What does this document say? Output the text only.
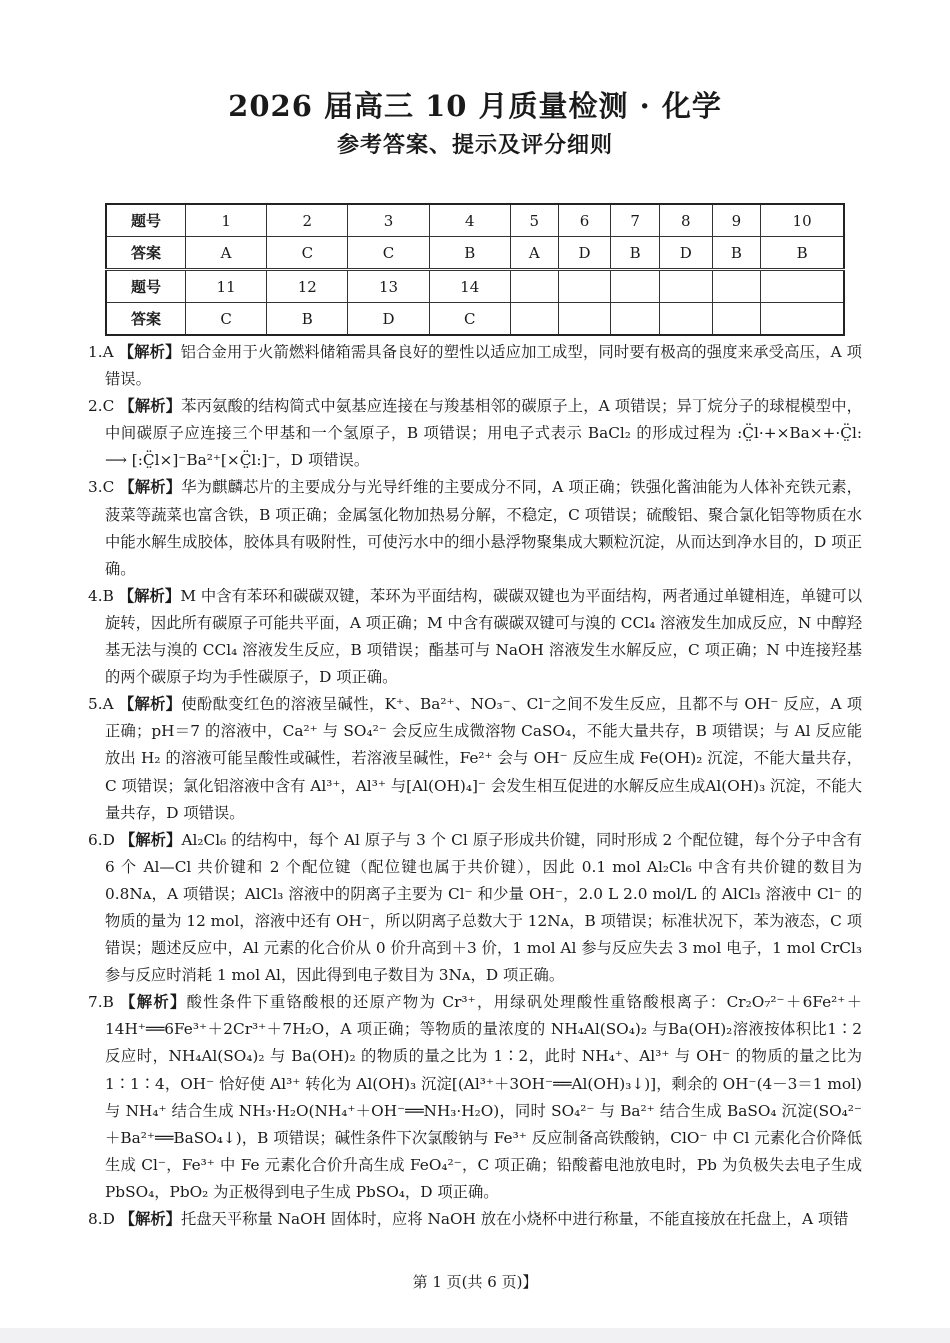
2026 届高三 10 月质量检测 · 化学
参考答案、提示及评分细则
题号	1	2	3	4	5	6	7	8	9	10
答案	A	C	C	B	A	D	B	D	B	B
题号	11	12	13	14						
答案	C	B	D	C						
1.A 【解析】铝合金用于火箭燃料储箱需具备良好的塑性以适应加工成型，同时要有极高的强度来承受高压，A 项错误。
2.C 【解析】苯丙氨酸的结构简式中氨基应连接在与羧基相邻的碳原子上，A 项错误；异丁烷分子的球棍模型中，中间碳原子应连接三个甲基和一个氢原子，B 项错误；用电子式表示 BaCl₂ 的形成过程为 :C̤̈l·+×Ba×+·C̤̈l: ⟶ [:C̤̈l×]⁻Ba²⁺[×C̤̈l:]⁻，D 项错误。
3.C 【解析】华为麒麟芯片的主要成分与光导纤维的主要成分不同，A 项正确；铁强化酱油能为人体补充铁元素，菠菜等蔬菜也富含铁，B 项正确；金属氢化物加热易分解，不稳定，C 项错误；硫酸铝、聚合氯化铝等物质在水中能水解生成胶体，胶体具有吸附性，可使污水中的细小悬浮物聚集成大颗粒沉淀，从而达到净水目的，D 项正确。
4.B 【解析】M 中含有苯环和碳碳双键，苯环为平面结构，碳碳双键也为平面结构，两者通过单键相连，单键可以旋转，因此所有碳原子可能共平面，A 项正确；M 中含有碳碳双键可与溴的 CCl₄ 溶液发生加成反应，N 中醇羟基无法与溴的 CCl₄ 溶液发生反应，B 项错误；酯基可与 NaOH 溶液发生水解反应，C 项正确；N 中连接羟基的两个碳原子均为手性碳原子，D 项正确。
5.A 【解析】使酚酞变红色的溶液呈碱性，K⁺、Ba²⁺、NO₃⁻、Cl⁻之间不发生反应，且都不与 OH⁻ 反应，A 项正确；pH＝7 的溶液中，Ca²⁺ 与 SO₄²⁻ 会反应生成微溶物 CaSO₄，不能大量共存，B 项错误；与 Al 反应能放出 H₂ 的溶液可能呈酸性或碱性，若溶液呈碱性，Fe²⁺ 会与 OH⁻ 反应生成 Fe(OH)₂ 沉淀，不能大量共存，C 项错误；氯化铝溶液中含有 Al³⁺，Al³⁺ 与[Al(OH)₄]⁻ 会发生相互促进的水解反应生成Al(OH)₃ 沉淀，不能大量共存，D 项错误。
6.D 【解析】Al₂Cl₆ 的结构中，每个 Al 原子与 3 个 Cl 原子形成共价键，同时形成 2 个配位键，每个分子中含有 6 个 Al—Cl 共价键和 2 个配位键（配位键也属于共价键），因此 0.1 mol Al₂Cl₆ 中含有共价键的数目为 0.8Nᴀ，A 项错误；AlCl₃ 溶液中的阴离子主要为 Cl⁻ 和少量 OH⁻，2.0 L 2.0 mol/L 的 AlCl₃ 溶液中 Cl⁻ 的物质的量为 12 mol，溶液中还有 OH⁻，所以阴离子总数大于 12Nᴀ，B 项错误；标准状况下，苯为液态，C 项错误；题述反应中，Al 元素的化合价从 0 价升高到＋3 价，1 mol Al 参与反应失去 3 mol 电子，1 mol CrCl₃ 参与反应时消耗 1 mol Al，因此得到电子数目为 3Nᴀ，D 项正确。
7.B 【解析】酸性条件下重铬酸根的还原产物为 Cr³⁺，用绿矾处理酸性重铬酸根离子：Cr₂O₇²⁻＋6Fe²⁺＋14H⁺══6Fe³⁺＋2Cr³⁺＋7H₂O，A 项正确；等物质的量浓度的 NH₄Al(SO₄)₂ 与Ba(OH)₂溶液按体积比1∶2 反应时，NH₄Al(SO₄)₂ 与 Ba(OH)₂ 的物质的量之比为 1∶2，此时 NH₄⁺、Al³⁺ 与 OH⁻ 的物质的量之比为 1∶1∶4，OH⁻ 恰好使 Al³⁺ 转化为 Al(OH)₃ 沉淀[(Al³⁺＋3OH⁻══Al(OH)₃↓)]，剩余的 OH⁻(4－3＝1 mol)与 NH₄⁺ 结合生成 NH₃·H₂O(NH₄⁺＋OH⁻══NH₃·H₂O)，同时 SO₄²⁻ 与 Ba²⁺ 结合生成 BaSO₄ 沉淀(SO₄²⁻＋Ba²⁺══BaSO₄↓)，B 项错误；碱性条件下次氯酸钠与 Fe³⁺ 反应制备高铁酸钠，ClO⁻ 中 Cl 元素化合价降低生成 Cl⁻，Fe³⁺ 中 Fe 元素化合价升高生成 FeO₄²⁻，C 项正确；铅酸蓄电池放电时，Pb 为负极失去电子生成 PbSO₄，PbO₂ 为正极得到电子生成 PbSO₄，D 项正确。
8.D 【解析】托盘天平称量 NaOH 固体时，应将 NaOH 放在小烧杯中进行称量，不能直接放在托盘上，A 项错
第 1 页(共 6 页)】
